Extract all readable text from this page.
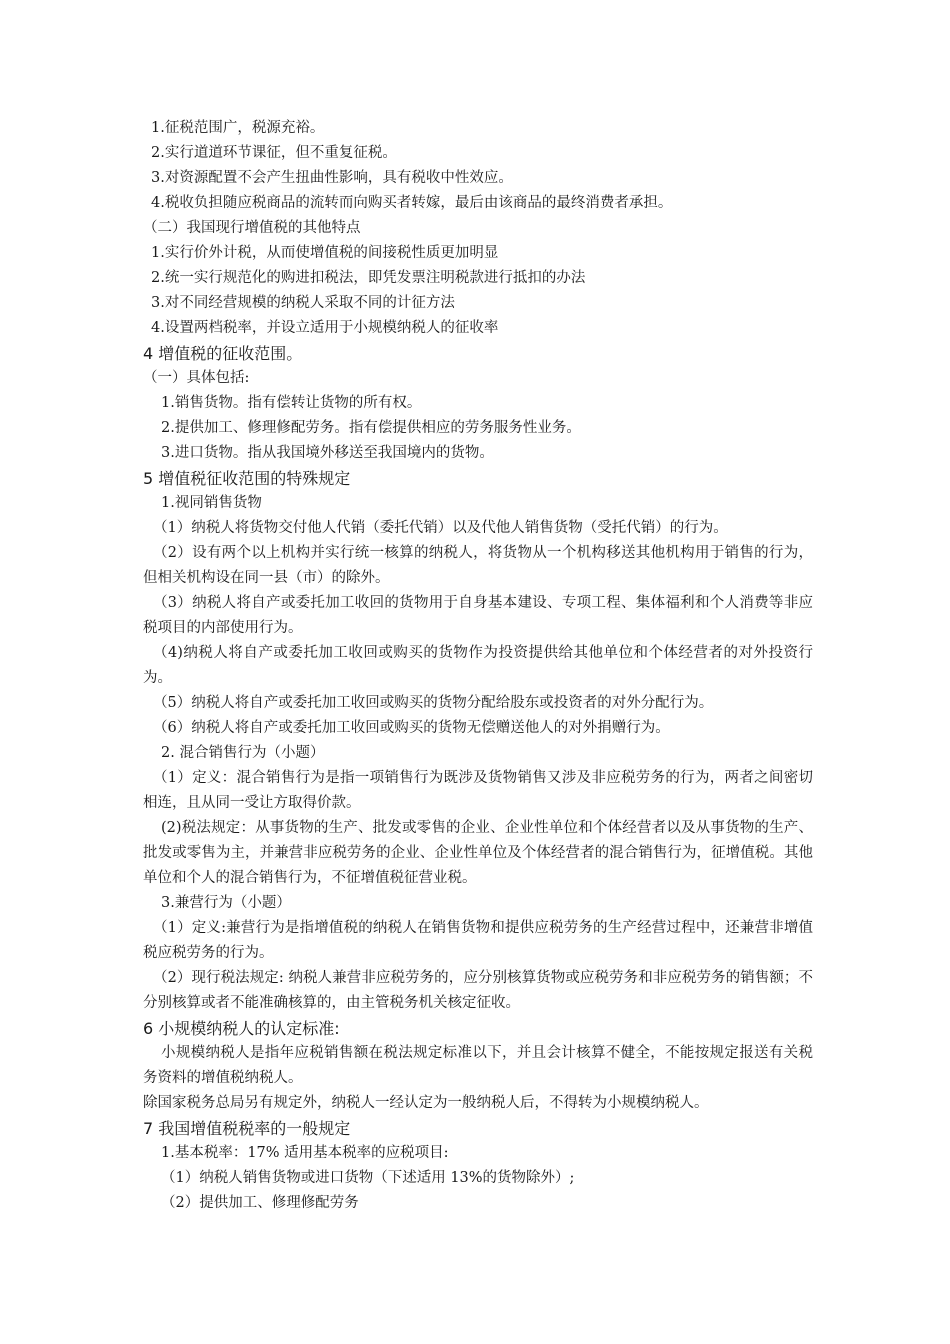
1.征税范围广，税源充裕。
2.实行道道环节课征，但不重复征税。
3.对资源配置不会产生扭曲性影响，具有税收中性效应。
4.税收负担随应税商品的流转而向购买者转嫁，最后由该商品的最终消费者承担。
（二）我国现行增值税的其他特点
1.实行价外计税，从而使增值税的间接税性质更加明显
2.统一实行规范化的购进扣税法，即凭发票注明税款进行抵扣的办法
3.对不同经营规模的纳税人采取不同的计征方法
4.设置两档税率，并设立适用于小规模纳税人的征收率
4 增值税的征收范围。
（一）具体包括:
1.销售货物。指有偿转让货物的所有权。
2.提供加工、修理修配劳务。指有偿提供相应的劳务服务性业务。
3.进口货物。指从我国境外移送至我国境内的货物。
5 增值税征收范围的特殊规定
1.视同销售货物
（1）纳税人将货物交付他人代销（委托代销）以及代他人销售货物（受托代销）的行为。
（2）设有两个以上机构并实行统一核算的纳税人，将货物从一个机构移送其他机构用于销售的行为，但相关机构设在同一县（市）的除外。
（3）纳税人将自产或委托加工收回的货物用于自身基本建设、专项工程、集体福利和个人消费等非应税项目的内部使用行为。
（4)纳税人将自产或委托加工收回或购买的货物作为投资提供给其他单位和个体经营者的对外投资行为。
（5）纳税人将自产或委托加工收回或购买的货物分配给股东或投资者的对外分配行为。
（6）纳税人将自产或委托加工收回或购买的货物无偿赠送他人的对外捐赠行为。
2. 混合销售行为（小题）
（1）定义：混合销售行为是指一项销售行为既涉及货物销售又涉及非应税劳务的行为，两者之间密切相连，且从同一受让方取得价款。
(2)税法规定：从事货物的生产、批发或零售的企业、企业性单位和个体经营者以及从事货物的生产、批发或零售为主，并兼营非应税劳务的企业、企业性单位及个体经营者的混合销售行为，征增值税。其他单位和个人的混合销售行为，不征增值税征营业税。
3.兼营行为（小题）
（1）定义:兼营行为是指增值税的纳税人在销售货物和提供应税劳务的生产经营过程中，还兼营非增值税应税劳务的行为。
（2）现行税法规定: 纳税人兼营非应税劳务的，应分别核算货物或应税劳务和非应税劳务的销售额；不分别核算或者不能准确核算的，由主管税务机关核定征收。
6 小规模纳税人的认定标准:
小规模纳税人是指年应税销售额在税法规定标准以下，并且会计核算不健全，不能按规定报送有关税务资料的增值税纳税人。
除国家税务总局另有规定外，纳税人一经认定为一般纳税人后，不得转为小规模纳税人。
7 我国增值税税率的一般规定
1.基本税率：17% 适用基本税率的应税项目:
（1）纳税人销售货物或进口货物（下述适用 13%的货物除外）;
（2）提供加工、修理修配劳务
